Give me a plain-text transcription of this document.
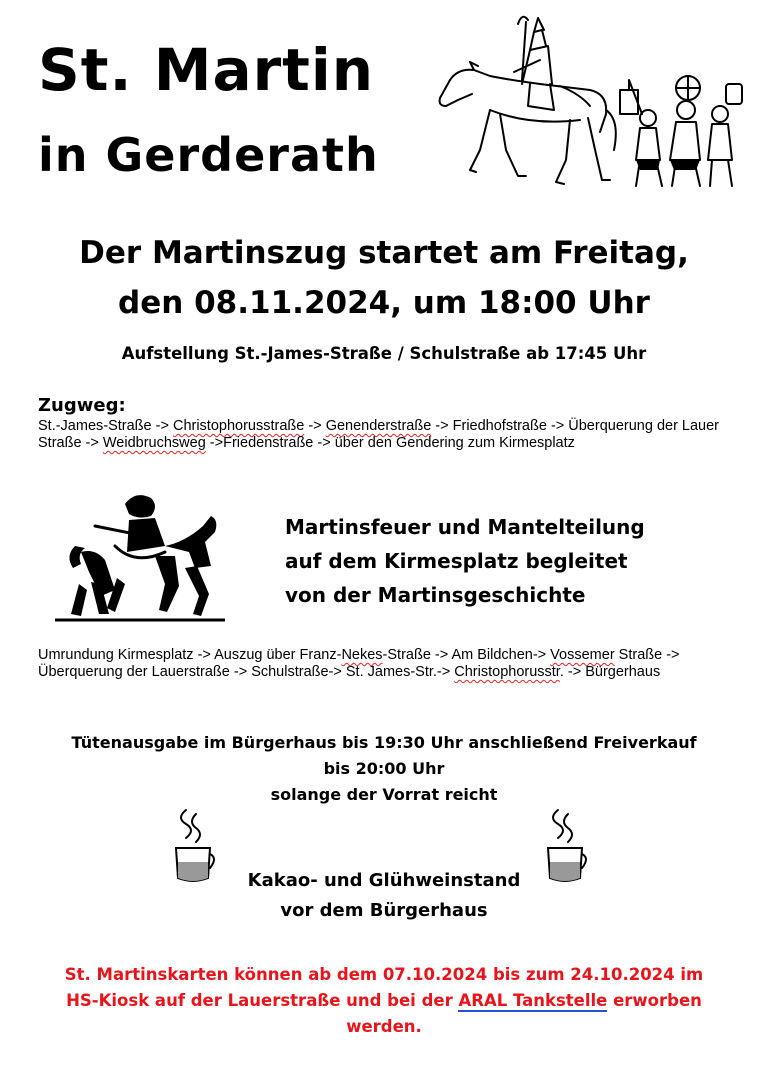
St. Martin
in Gerderath
Der Martinszug startet am Freitag,
den 08.11.2024, um 18:00 Uhr
Aufstellung St.-James-Straße / Schulstraße ab 17:45 Uhr
Zugweg:
St.-James-Straße -> Christophorusstraße -> Genenderstraße -> Friedhofstraße -> Überquerung der Lauer Straße -> Weidbruchsweg ->Friedenstraße -> über den Gendering zum Kirmesplatz
Martinsfeuer und Mantelteilung
auf dem Kirmesplatz begleitet
von der Martinsgeschichte
Umrundung Kirmesplatz -> Auszug über Franz-Nekes-Straße -> Am Bildchen-> Vossemer Straße -> Überquerung der Lauerstraße -> Schulstraße-> St. James-Str.-> Christophorusstr. -> Bürgerhaus
Tütenausgabe im Bürgerhaus bis 19:30 Uhr anschließend Freiverkauf
bis 20:00 Uhr
solange der Vorrat reicht
Kakao- und Glühweinstand
vor dem Bürgerhaus
St. Martinskarten können ab dem 07.10.2024 bis zum 24.10.2024 im
HS-Kiosk auf der Lauerstraße und bei der ARAL Tankstelle erworben
werden.
